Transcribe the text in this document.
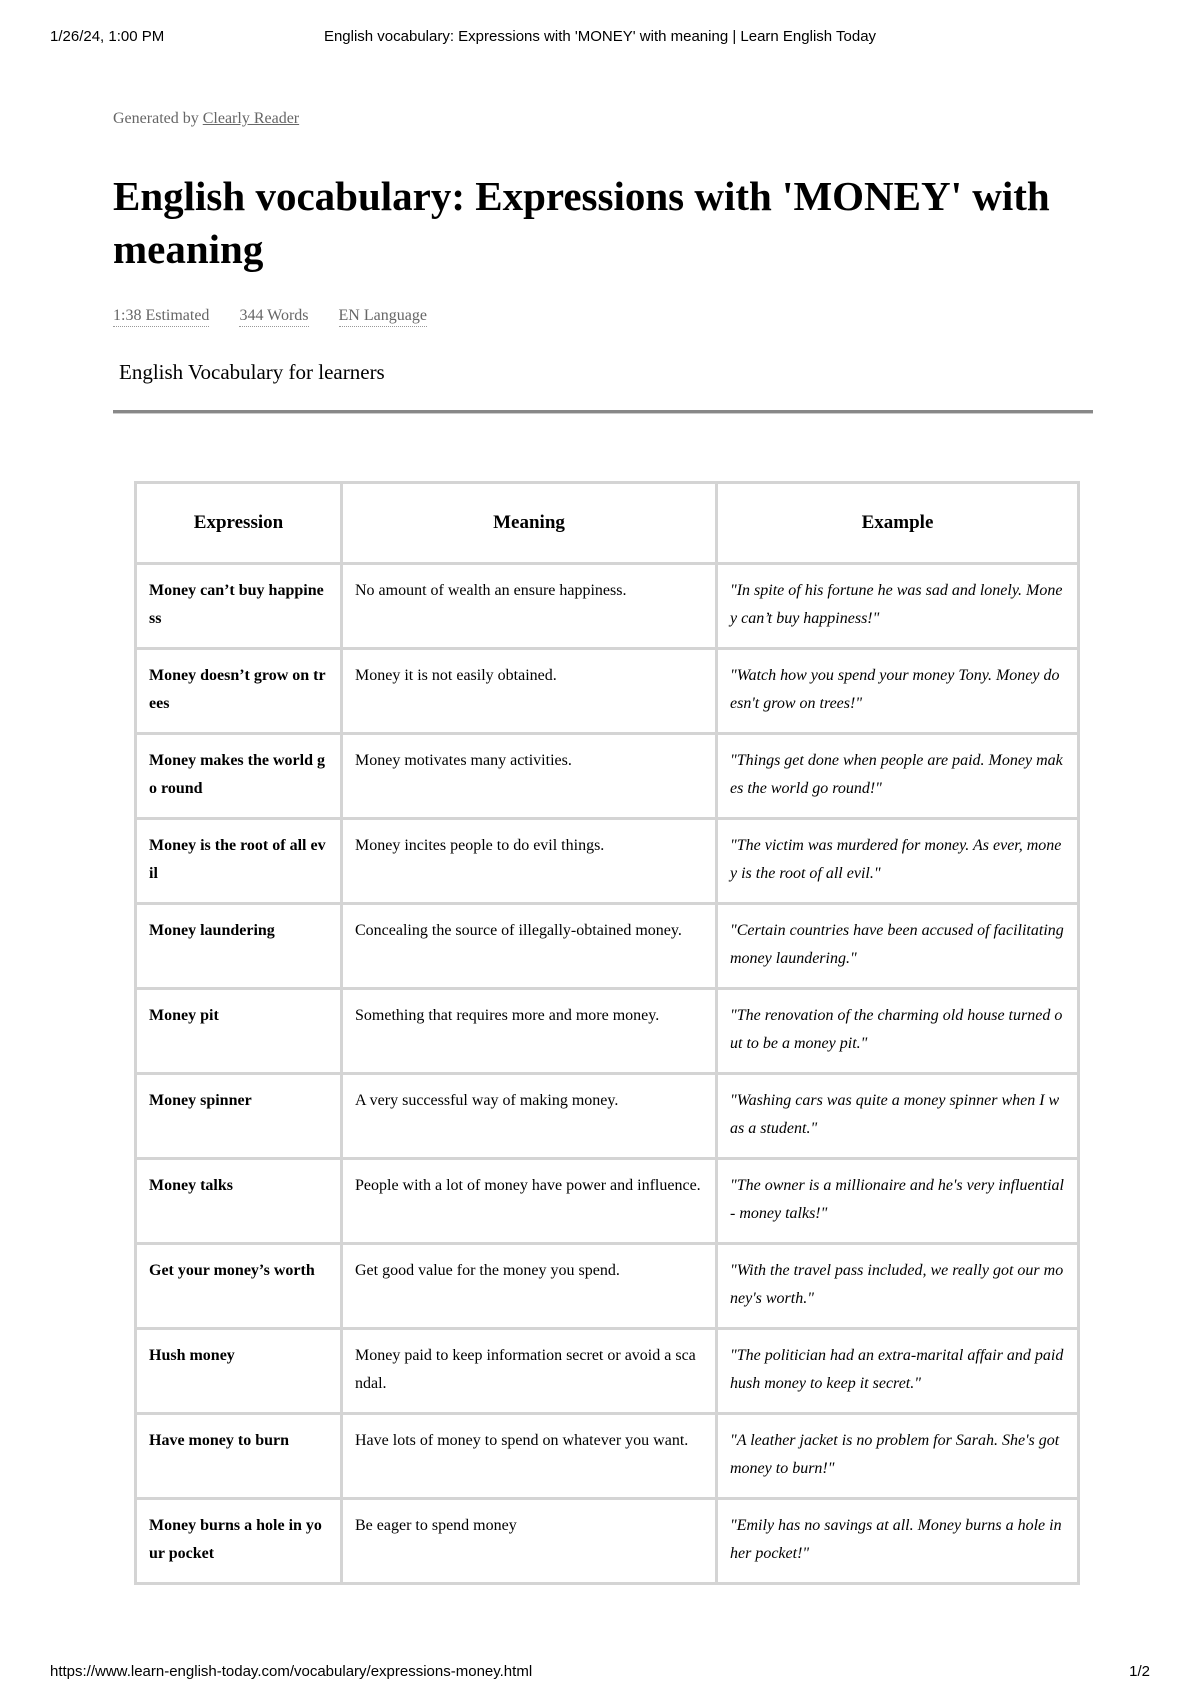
1/26/24, 1:00 PM	English vocabulary: Expressions with 'MONEY' with meaning | Learn English Today

Generated by Clearly Reader

English vocabulary: Expressions with 'MONEY' with meaning
1:38 Estimated 344 Words EN Language
English Vocabulary for learners
Expression	Meaning	Example
Money can’t buy happiness	No amount of wealth an ensure happiness.	"In spite of his fortune he was sad and lonely. Money can’t buy happiness!"
Money doesn’t grow on trees	Money it is not easily obtained.	"Watch how you spend your money Tony. Money doesn't grow on trees!"
Money makes the world go round	Money motivates many activities.	"Things get done when people are paid. Money makes the world go round!"
Money is the root of all evil	Money incites people to do evil things.	"The victim was murdered for money. As ever, money is the root of all evil."
Money laundering	Concealing the source of illegally-obtained money.	"Certain countries have been accused of facilitating money laundering."
Money pit	Something that requires more and more money.	"The renovation of the charming old house turned out to be a money pit."
Money spinner	A very successful way of making money.	"Washing cars was quite a money spinner when I was a student."
Money talks	People with a lot of money have power and influence.	"The owner is a millionaire and he's very influential - money talks!"
Get your money’s worth	Get good value for the money you spend.	"With the travel pass included, we really got our money's worth."
Hush money	Money paid to keep information secret or avoid a scandal.	"The politician had an extra-marital affair and paid hush money to keep it secret."
Have money to burn	Have lots of money to spend on whatever you want.	"A leather jacket is no problem for Sarah. She's got money to burn!"
Money burns a hole in your pocket	Be eager to spend money	"Emily has no savings at all. Money burns a hole in her pocket!"
https://www.learn-english-today.com/vocabulary/expressions-money.html	1/2
